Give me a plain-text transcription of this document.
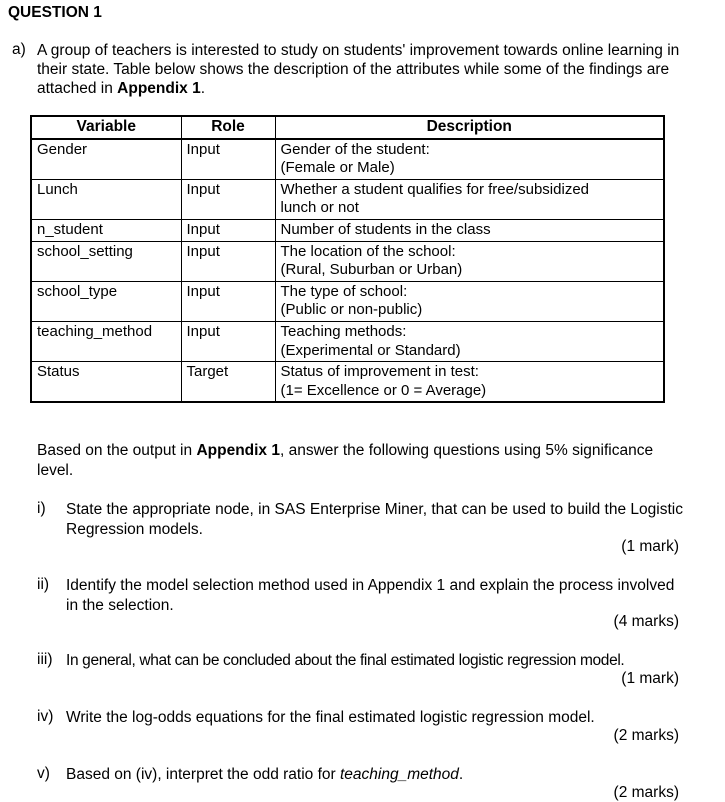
QUESTION 1
a) A group of teachers is interested to study on students' improvement towards online learning in their state. Table below shows the description of the attributes while some of the findings are attached in Appendix 1.
Variable	Role	Description
Gender	Input	Gender of the student:
(Female or Male)
Lunch	Input	Whether a student qualifies for free/subsidized
lunch or not
n_student	Input	Number of students in the class
school_setting	Input	The location of the school:
(Rural, Suburban or Urban)
school_type	Input	The type of school:
(Public or non-public)
teaching_method	Input	Teaching methods:
(Experimental or Standard)
Status	Target	Status of improvement in test:
(1= Excellence or 0 = Average)
Based on the output in Appendix 1, answer the following questions using 5% significance level.
i) State the appropriate node, in SAS Enterprise Miner, that can be used to build the Logistic Regression models.
(1 mark)
ii) Identify the model selection method used in Appendix 1 and explain the process involved in the selection.
(4 marks)
iii) In general, what can be concluded about the final estimated logistic regression model.
(1 mark)
iv) Write the log-odds equations for the final estimated logistic regression model.
(2 marks)
v) Based on (iv), interpret the odd ratio for teaching_method.
(2 marks)
